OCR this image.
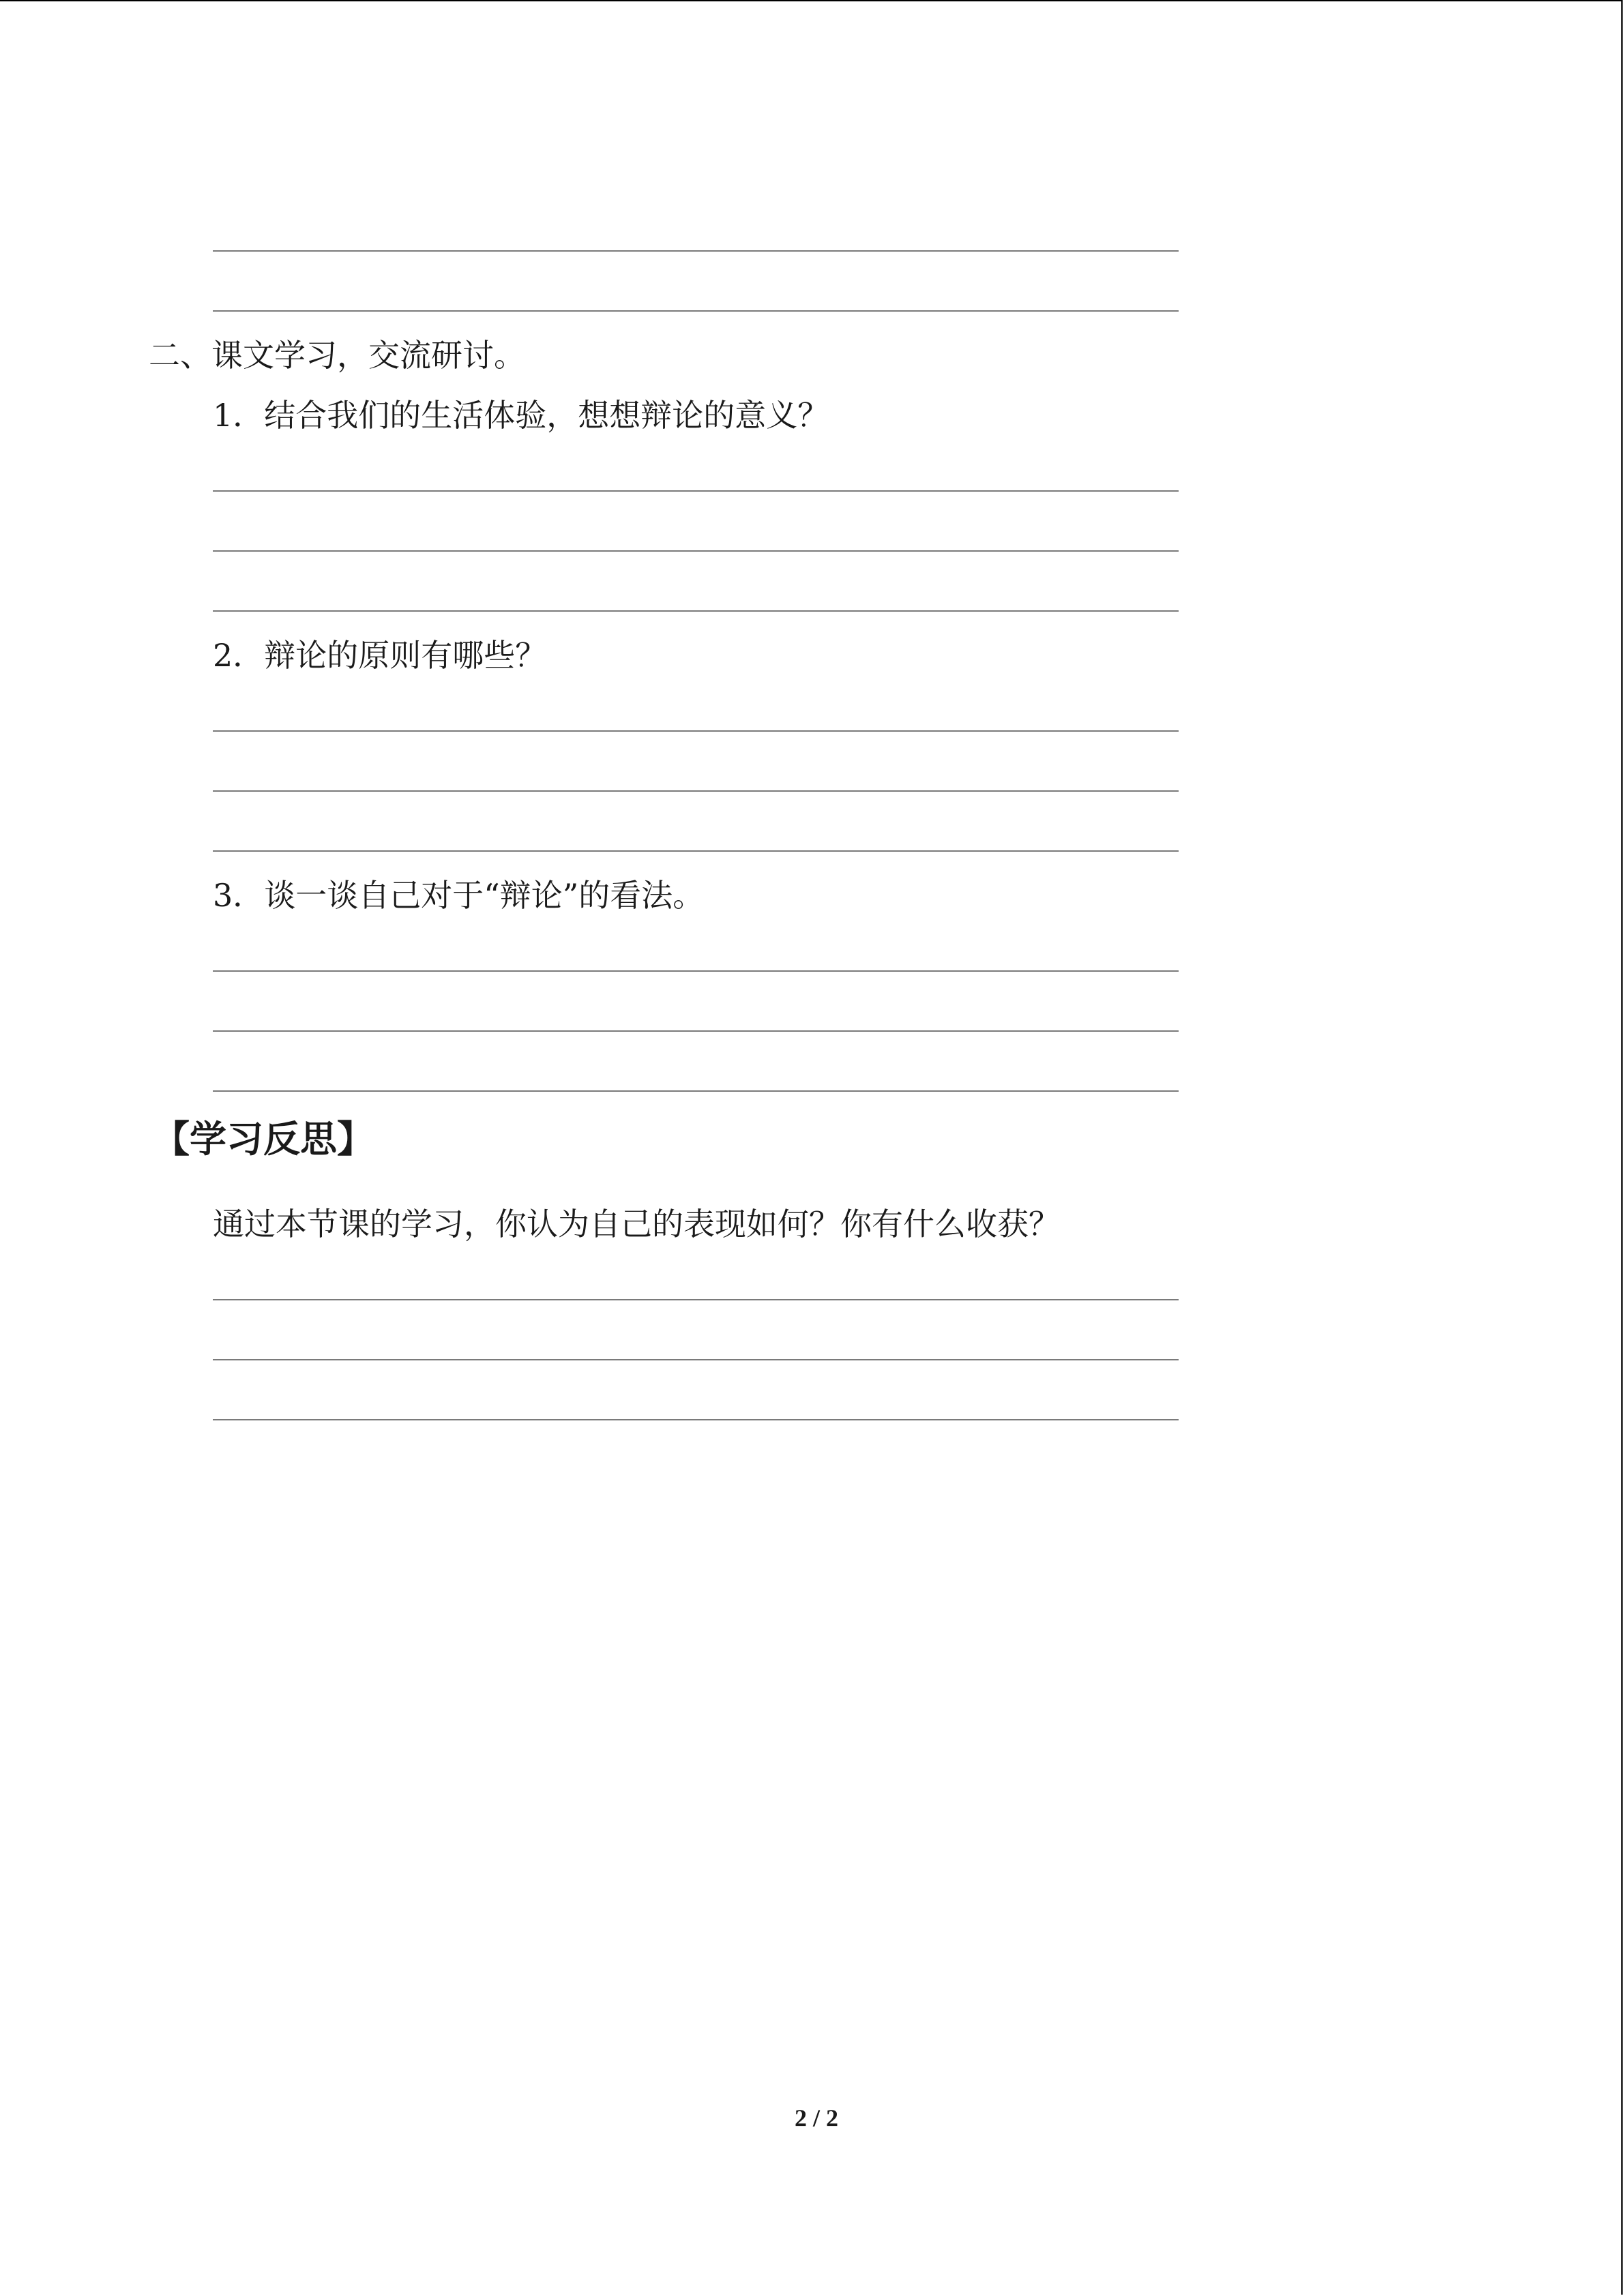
二、课文学习，交流研讨。
1．结合我们的生活体验，想想辩论的意义？
2．辩论的原则有哪些？
3．谈一谈自己对于“辩论”的看法。
【学习反思】
通过本节课的学习，你认为自己的表现如何？你有什么收获？
2 / 2
